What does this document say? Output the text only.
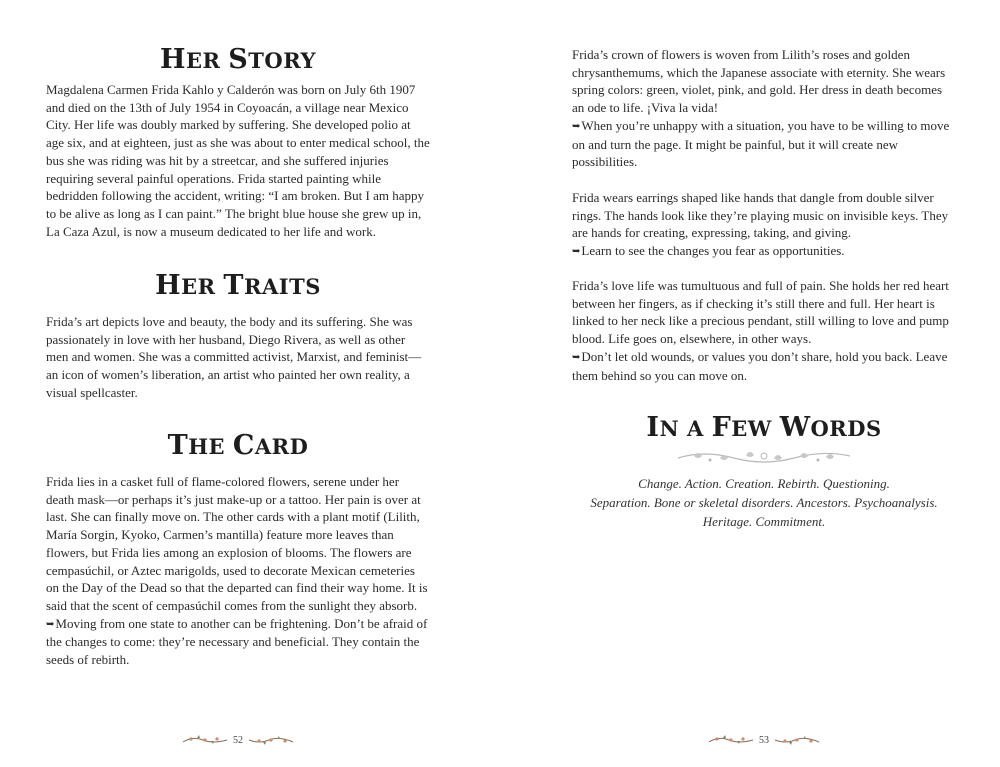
HER STORY

Magdalena Carmen Frida Kahlo y Calderón was born on July 6th 1907 and died on the 13th of July 1954 in Coyoacán, a village near Mexico City. Her life was doubly marked by suffering. She developed polio at age six, and at eighteen, just as she was about to enter medical school, the bus she was riding was hit by a streetcar, and she suffered injuries requiring several painful operations. Frida started painting while bedridden following the accident, writing: “I am broken. But I am happy to be alive as long as I can paint.” The bright blue house she grew up in, La Caza Azul, is now a museum dedicated to her life and work.

HER TRAITS

Frida’s art depicts love and beauty, the body and its suffering. She was passionately in love with her husband, Diego Rivera, as well as other men and women. She was a committed activist, Marxist, and feminist—an icon of women’s liberation, an artist who painted her own reality, a visual spellcaster.

THE CARD

Frida lies in a casket full of flame-colored flowers, serene under her death mask—or perhaps it’s just make-up or a tattoo. Her pain is over at last. She can finally move on. The other cards with a plant motif (Lilith, María Sorgin, Kyoko, Carmen’s mantilla) feature more leaves than flowers, but Frida lies among an explosion of blooms. The flowers are cempasúchil, or Aztec marigolds, used to decorate Mexican cemeteries on the Day of the Dead so that the departed can find their way home. It is said that the scent of cempasúchil comes from the sunlight they absorb.

➥Moving from one state to another can be frightening. Don’t be afraid of the changes to come: they’re necessary and beneficial. They contain the seeds of rebirth.

52

Frida’s crown of flowers is woven from Lilith’s roses and golden chrysanthemums, which the Japanese associate with eternity. She wears spring colors: green, violet, pink, and gold. Her dress in death becomes an ode to life. ¡Viva la vida!

➥When you’re unhappy with a situation, you have to be willing to move on and turn the page. It might be painful, but it will create new possibilities.

Frida wears earrings shaped like hands that dangle from double silver rings. The hands look like they’re playing music on invisible keys. They are hands for creating, expressing, taking, and giving.

➥Learn to see the changes you fear as opportunities.

Frida’s love life was tumultuous and full of pain. She holds her red heart between her fingers, as if checking it’s still there and full. Her heart is linked to her neck like a precious pendant, still willing to love and pump blood. Life goes on, elsewhere, in other ways.

➥Don’t let old wounds, or values you don’t share, hold you back. Leave them behind so you can move on.

IN A FEW WORDS
Change. Action. Creation. Rebirth. Questioning.
Separation. Bone or skeletal disorders. Ancestors. Psychoanalysis.
Heritage. Commitment.
53
